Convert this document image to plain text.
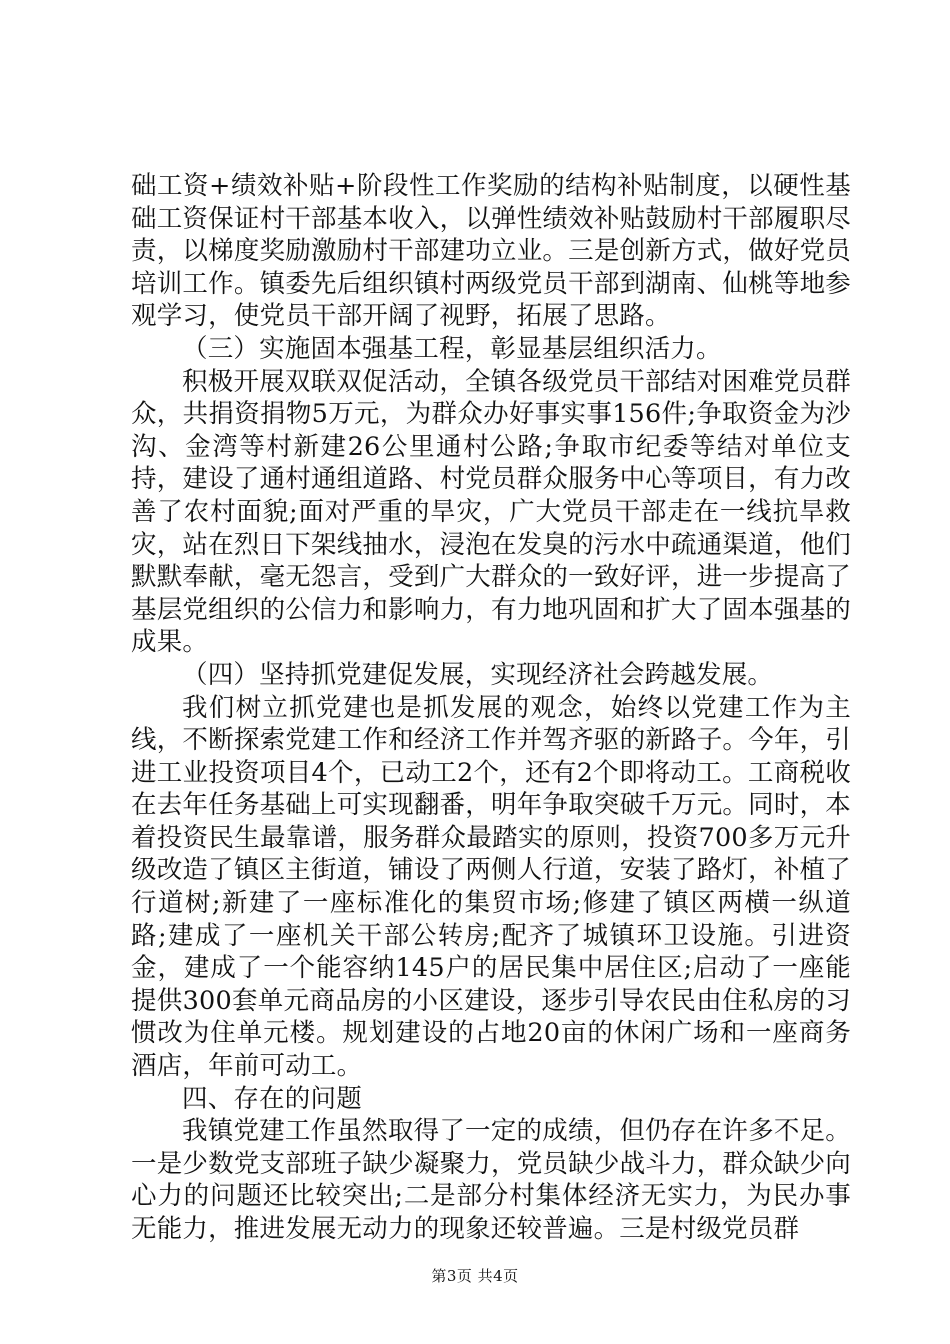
础工资+绩效补贴+阶段性工作奖励的结构补贴制度，以硬性基础工资保证村干部基本收入，以弹性绩效补贴鼓励村干部履职尽责，以梯度奖励激励村干部建功立业。三是创新方式，做好党员培训工作。镇委先后组织镇村两级党员干部到湖南、仙桃等地参观学习，使党员干部开阔了视野，拓展了思路。

（三）实施固本强基工程，彰显基层组织活力。

积极开展双联双促活动，全镇各级党员干部结对困难党员群众，共捐资捐物5万元，为群众办好事实事156件;争取资金为沙沟、金湾等村新建26公里通村公路;争取市纪委等结对单位支持，建设了通村通组道路、村党员群众服务中心等项目，有力改善了农村面貌;面对严重的旱灾，广大党员干部走在一线抗旱救灾，站在烈日下架线抽水，浸泡在发臭的污水中疏通渠道，他们默默奉献，毫无怨言，受到广大群众的一致好评，进一步提高了基层党组织的公信力和影响力，有力地巩固和扩大了固本强基的成果。

（四）坚持抓党建促发展，实现经济社会跨越发展。

我们树立抓党建也是抓发展的观念，始终以党建工作为主线，不断探索党建工作和经济工作并驾齐驱的新路子。今年，引进工业投资项目4个，已动工2个，还有2个即将动工。工商税收在去年任务基础上可实现翻番，明年争取突破千万元。同时，本着投资民生最靠谱，服务群众最踏实的原则，投资700多万元升级改造了镇区主街道，铺设了两侧人行道，安装了路灯，补植了行道树;新建了一座标准化的集贸市场;修建了镇区两横一纵道路;建成了一座机关干部公转房;配齐了城镇环卫设施。引进资金，建成了一个能容纳145户的居民集中居住区;启动了一座能提供300套单元商品房的小区建设，逐步引导农民由住私房的习惯改为住单元楼。规划建设的占地20亩的休闲广场和一座商务酒店，年前可动工。

四、存在的问题

我镇党建工作虽然取得了一定的成绩，但仍存在许多不足。一是少数党支部班子缺少凝聚力，党员缺少战斗力，群众缺少向心力的问题还比较突出;二是部分村集体经济无实力，为民办事无能力，推进发展无动力的现象还较普遍。三是村级党员群

第3页 共4页
